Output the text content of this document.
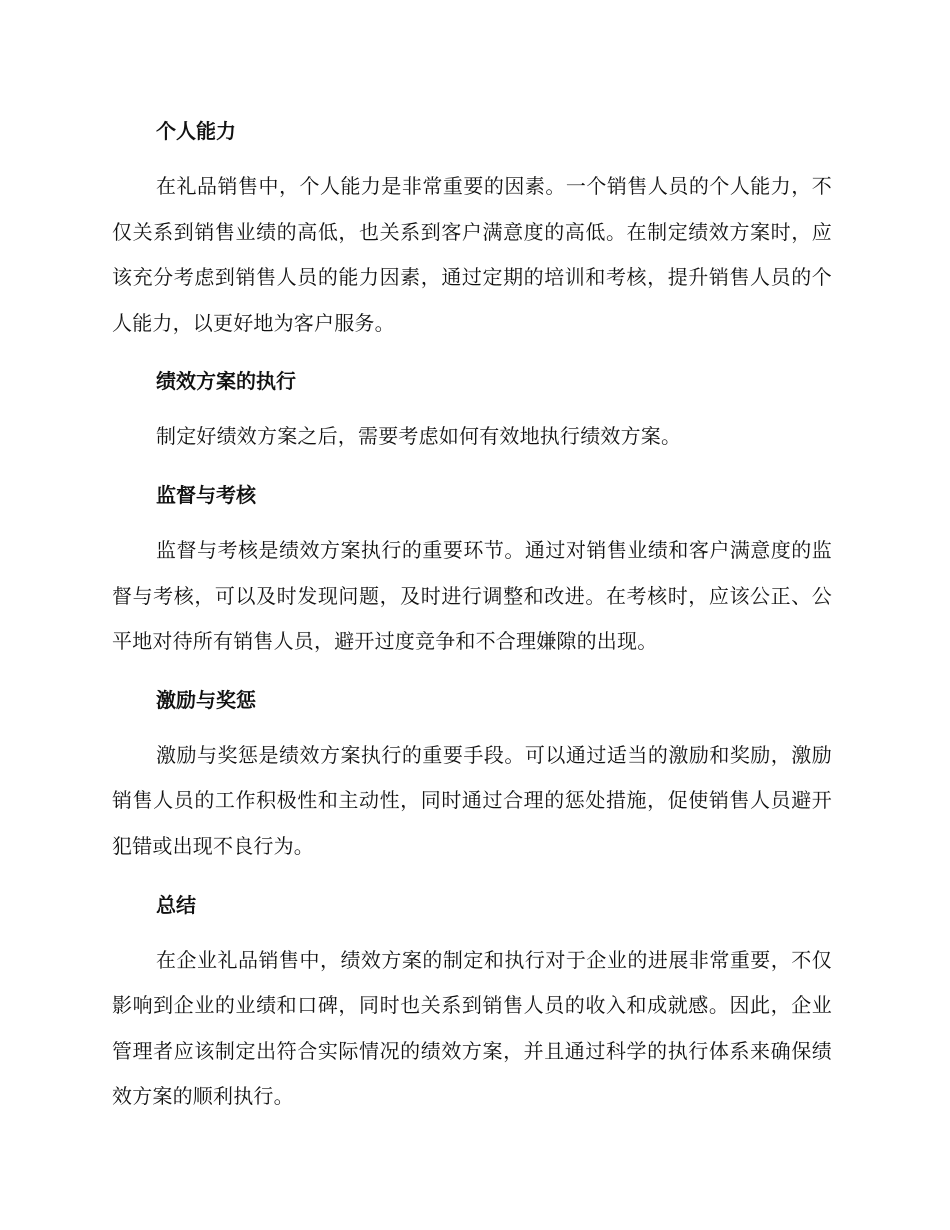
个人能力

在礼品销售中，个人能力是非常重要的因素。一个销售人员的个人能力，不仅关系到销售业绩的高低，也关系到客户满意度的高低。在制定绩效方案时，应该充分考虑到销售人员的能力因素，通过定期的培训和考核，提升销售人员的个人能力，以更好地为客户服务。

绩效方案的执行

制定好绩效方案之后，需要考虑如何有效地执行绩效方案。

监督与考核

监督与考核是绩效方案执行的重要环节。通过对销售业绩和客户满意度的监督与考核，可以及时发现问题，及时进行调整和改进。在考核时，应该公正、公平地对待所有销售人员，避开过度竞争和不合理嫌隙的出现。

激励与奖惩

激励与奖惩是绩效方案执行的重要手段。可以通过适当的激励和奖励，激励销售人员的工作积极性和主动性，同时通过合理的惩处措施，促使销售人员避开犯错或出现不良行为。

总结

在企业礼品销售中，绩效方案的制定和执行对于企业的进展非常重要，不仅影响到企业的业绩和口碑，同时也关系到销售人员的收入和成就感。因此，企业管理者应该制定出符合实际情况的绩效方案，并且通过科学的执行体系来确保绩效方案的顺利执行。
